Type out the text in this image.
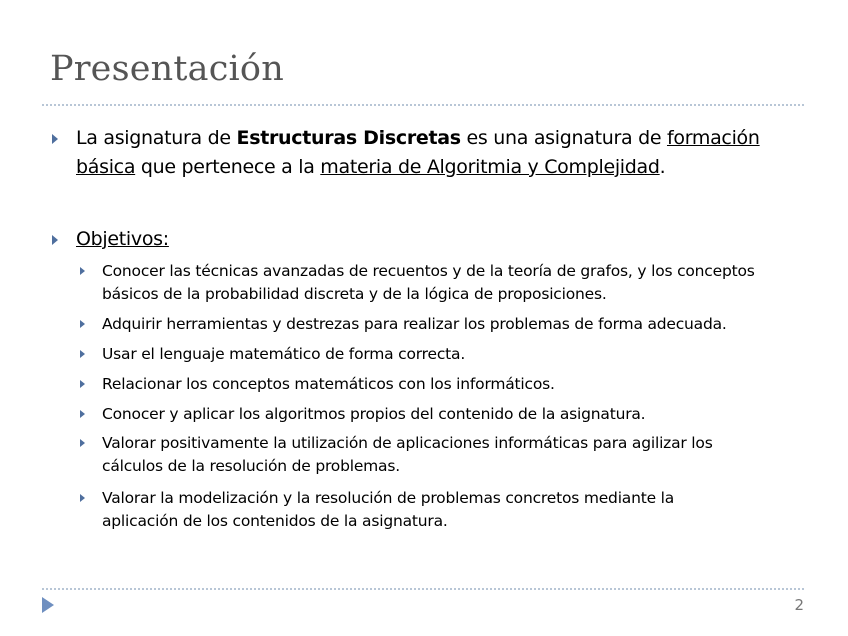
Presentación
La asignatura de Estructuras Discretas es una asignatura de formación
básica que pertenece a la materia de Algoritmia y Complejidad.
Objetivos:
Conocer las técnicas avanzadas de recuentos y de la teoría de grafos, y los conceptos
básicos de la probabilidad discreta y de la lógica de proposiciones.
Adquirir herramientas y destrezas para realizar los problemas de forma adecuada.
Usar el lenguaje matemático de forma correcta.
Relacionar los conceptos matemáticos con los informáticos.
Conocer y aplicar los algoritmos propios del contenido de la asignatura.
Valorar positivamente la utilización de aplicaciones informáticas para agilizar los
cálculos de la resolución de problemas.
Valorar la modelización y la resolución de problemas concretos mediante la
aplicación de los contenidos de la asignatura.
2
